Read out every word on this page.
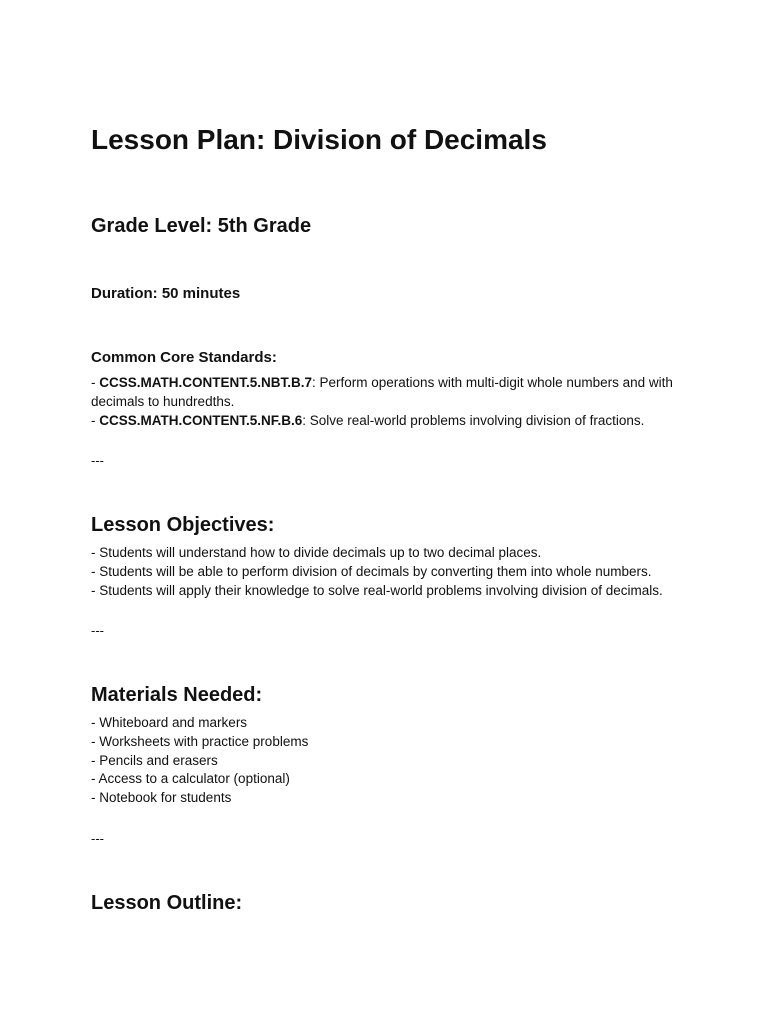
Lesson Plan: Division of Decimals
Grade Level: 5th Grade
Duration: 50 minutes
Common Core Standards:
- CCSS.MATH.CONTENT.5.NBT.B.7: Perform operations with multi-digit whole numbers and with decimals to hundredths.
- CCSS.MATH.CONTENT.5.NF.B.6: Solve real-world problems involving division of fractions.
---
Lesson Objectives:
- Students will understand how to divide decimals up to two decimal places.
- Students will be able to perform division of decimals by converting them into whole numbers.
- Students will apply their knowledge to solve real-world problems involving division of decimals.
---
Materials Needed:
- Whiteboard and markers
- Worksheets with practice problems
- Pencils and erasers
- Access to a calculator (optional)
- Notebook for students
---
Lesson Outline:
